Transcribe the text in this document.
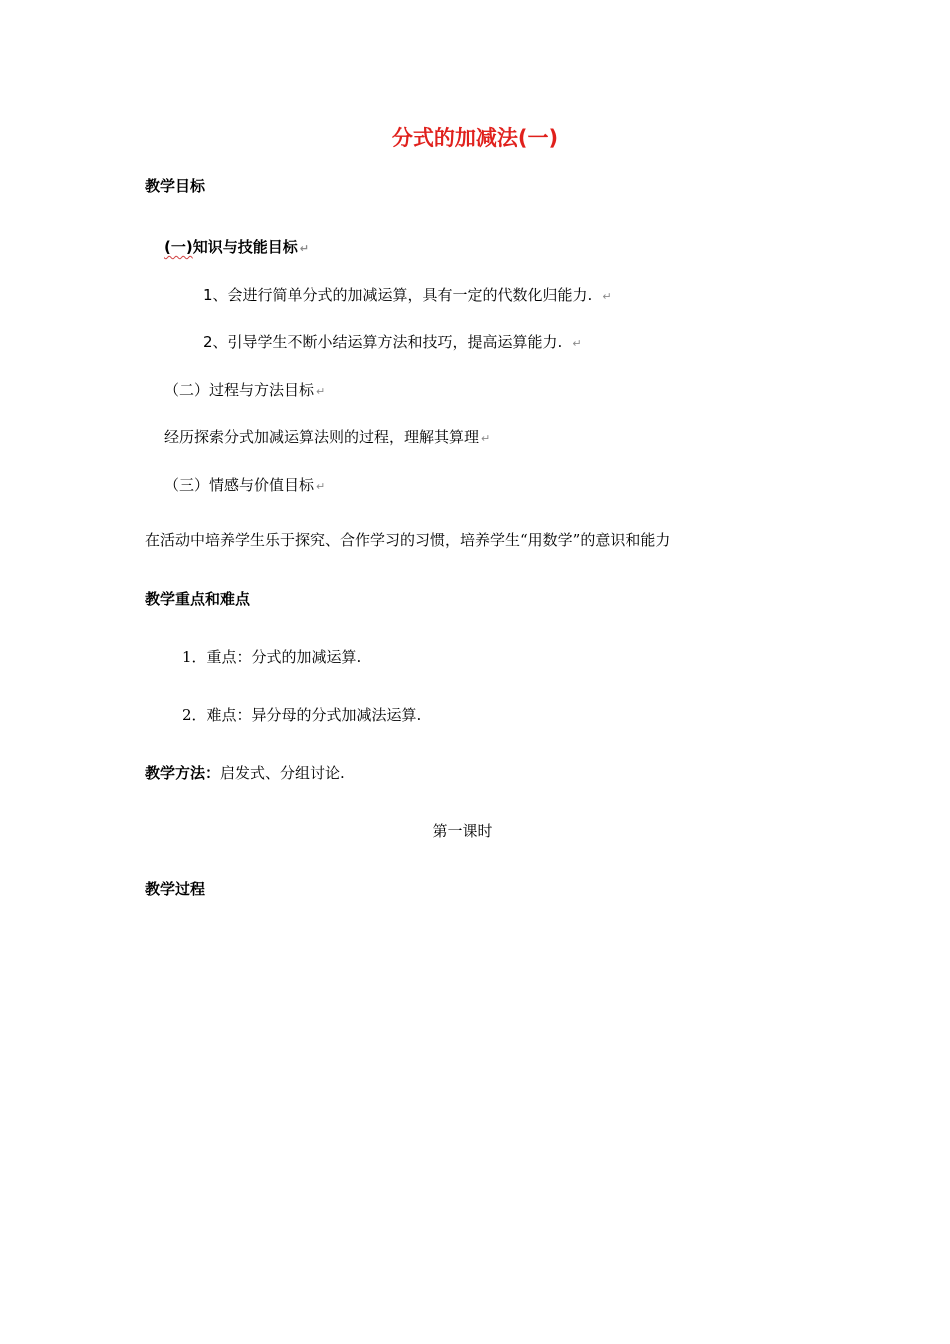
分式的加减法(一)
教学目标
(一)知识与技能目标 ↵
1、会进行简单分式的加减运算，具有一定的代数化归能力. ↵
2、引导学生不断小结运算方法和技巧，提高运算能力. ↵
（二）过程与方法目标 ↵
经历探索分式加减运算法则的过程，理解其算理 ↵
（三）情感与价值目标 ↵
在活动中培养学生乐于探究、合作学习的习惯，培养学生“用数学”的意识和能力
教学重点和难点
1．重点：分式的加减运算.
2．难点：异分母的分式加减法运算.
教学方法：启发式、分组讨论.
第一课时
教学过程
